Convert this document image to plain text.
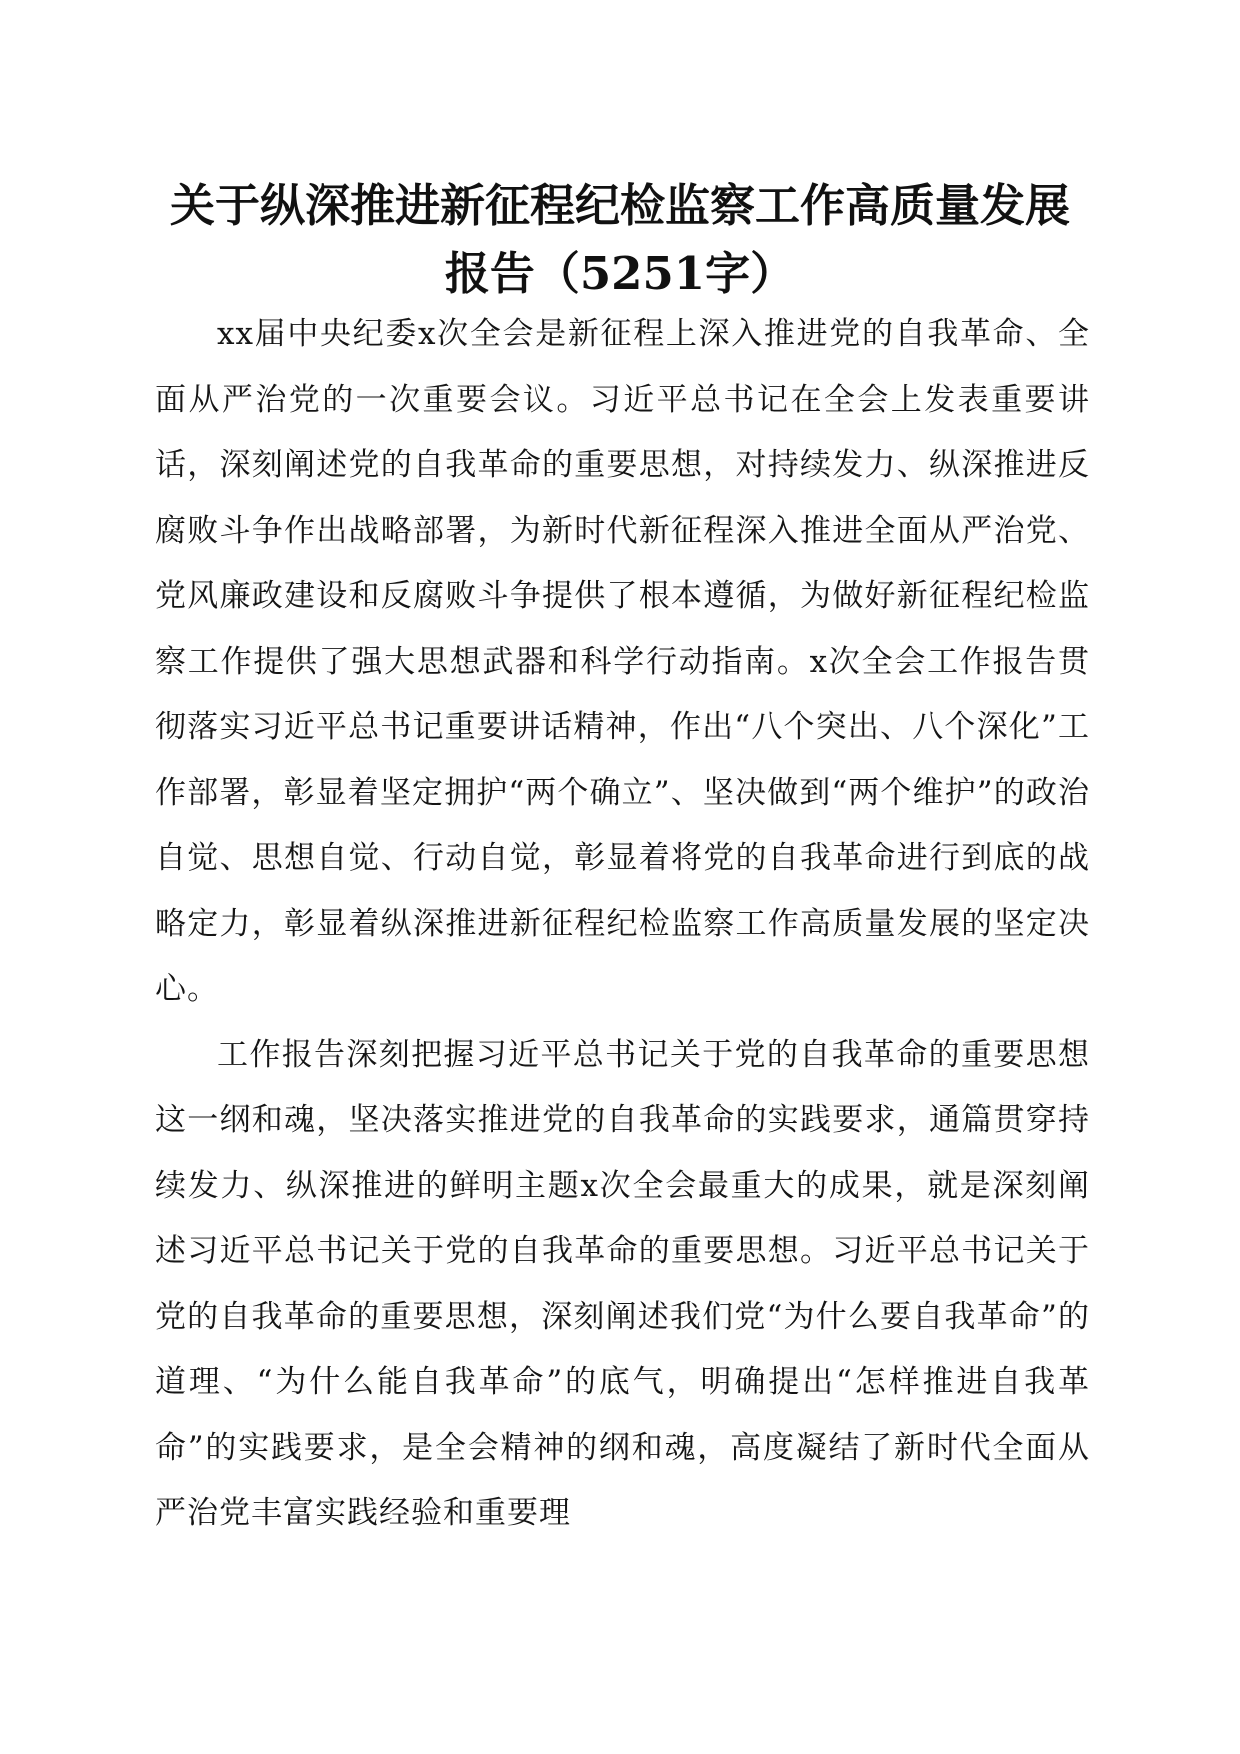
关于纵深推进新征程纪检监察工作高质量发展
报告（5251字）

xx届中央纪委x次全会是新征程上深入推进党的自我革命、全面从严治党的一次重要会议。习近平总书记在全会上发表重要讲话，深刻阐述党的自我革命的重要思想，对持续发力、纵深推进反腐败斗争作出战略部署，为新时代新征程深入推进全面从严治党、党风廉政建设和反腐败斗争提供了根本遵循，为做好新征程纪检监察工作提供了强大思想武器和科学行动指南。x次全会工作报告贯彻落实习近平总书记重要讲话精神，作出“八个突出、八个深化”工作部署，彰显着坚定拥护“两个确立”、坚决做到“两个维护”的政治自觉、思想自觉、行动自觉，彰显着将党的自我革命进行到底的战略定力，彰显着纵深推进新征程纪检监察工作高质量发展的坚定决心。

工作报告深刻把握习近平总书记关于党的自我革命的重要思想这一纲和魂，坚决落实推进党的自我革命的实践要求，通篇贯穿持续发力、纵深推进的鲜明主题x次全会最重大的成果，就是深刻阐述习近平总书记关于党的自我革命的重要思想。习近平总书记关于党的自我革命的重要思想，深刻阐述我们党“为什么要自我革命”的道理、“为什么能自我革命”的底气，明确提出“怎样推进自我革命”的实践要求，是全会精神的纲和魂，高度凝结了新时代全面从严治党丰富实践经验和重要理
